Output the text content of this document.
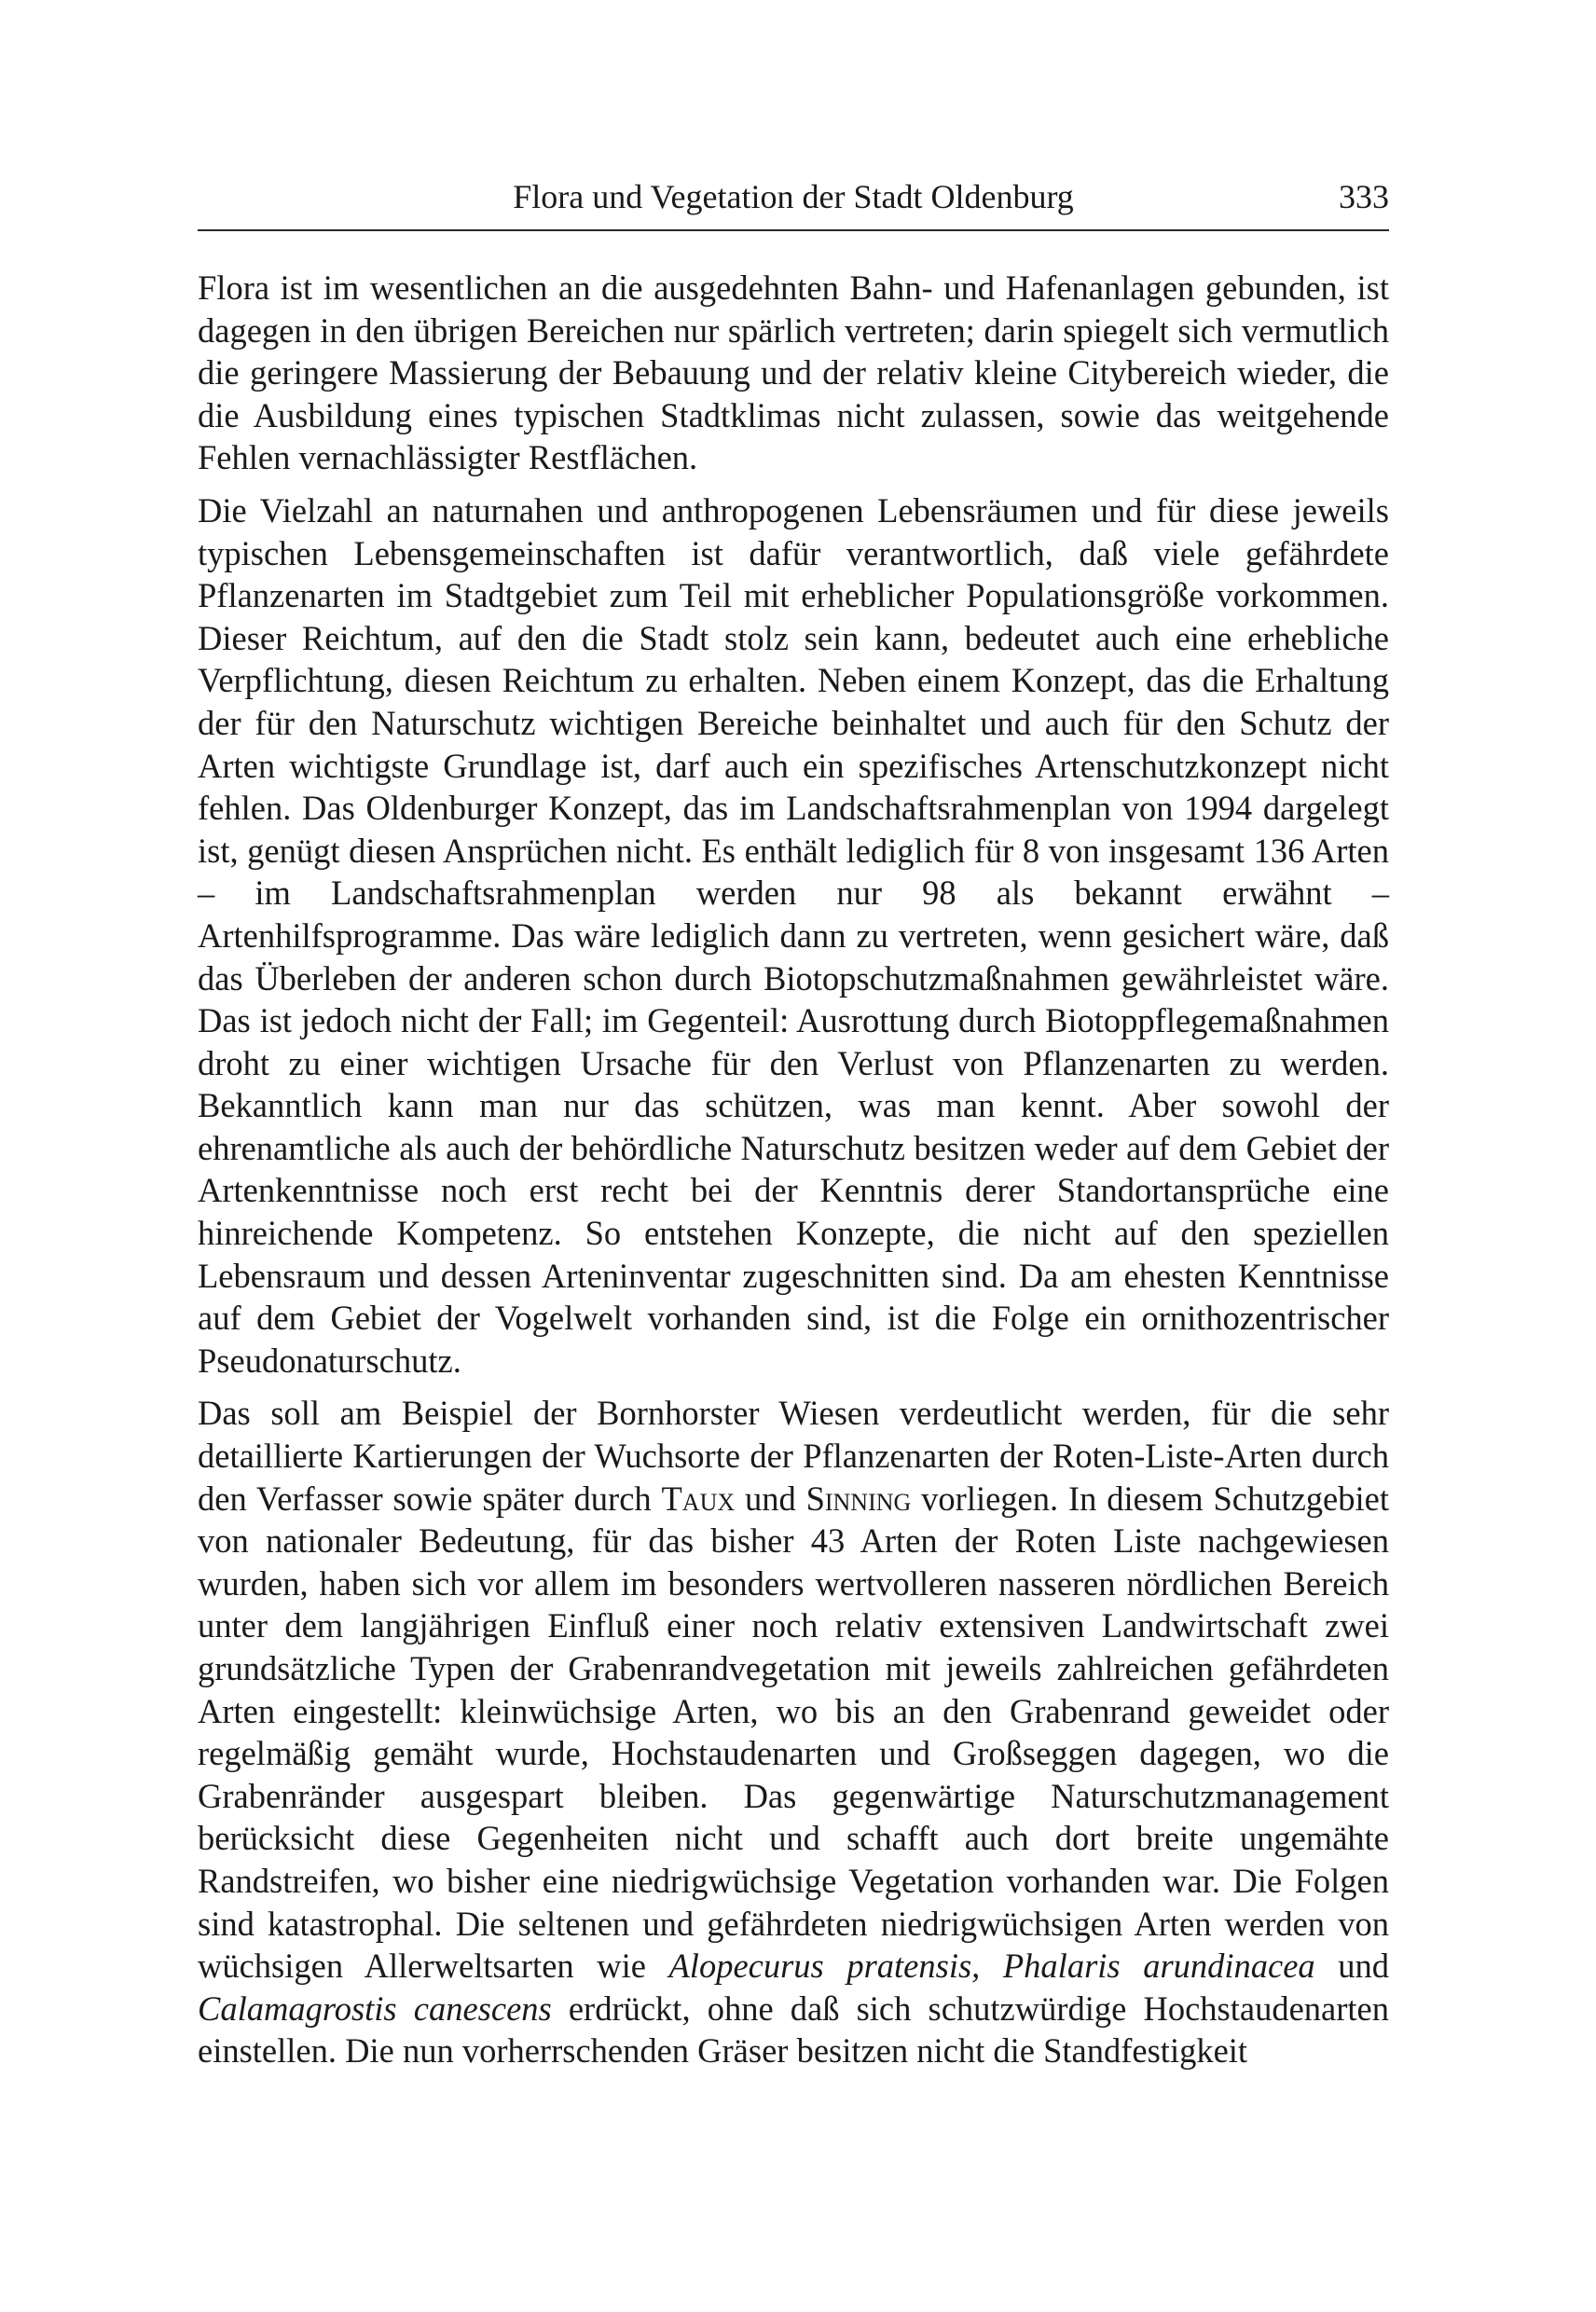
Flora und Vegetation der Stadt Oldenburg	333

Flora ist im wesentlichen an die ausgedehnten Bahn- und Hafenanlagen gebunden, ist dagegen in den übrigen Bereichen nur spärlich vertreten; darin spiegelt sich vermutlich die geringere Massierung der Bebauung und der relativ kleine Citybereich wieder, die die Ausbildung eines typischen Stadtklimas nicht zulassen, sowie das weitgehende Fehlen vernachlässigter Restflächen.

Die Vielzahl an naturnahen und anthropogenen Lebensräumen und für diese jeweils typischen Lebensgemeinschaften ist dafür verantwortlich, daß viele gefährdete Pflanzenarten im Stadtgebiet zum Teil mit erheblicher Populationsgröße vorkommen. Dieser Reichtum, auf den die Stadt stolz sein kann, bedeutet auch eine erhebliche Verpflichtung, diesen Reichtum zu erhalten. Neben einem Konzept, das die Erhaltung der für den Naturschutz wichtigen Bereiche beinhaltet und auch für den Schutz der Arten wichtigste Grundlage ist, darf auch ein spezifisches Artenschutzkonzept nicht fehlen. Das Oldenburger Konzept, das im Landschaftsrahmenplan von 1994 dargelegt ist, genügt diesen Ansprüchen nicht. Es enthält lediglich für 8 von insgesamt 136 Arten – im Landschaftsrahmenplan werden nur 98 als bekannt erwähnt – Artenhilfsprogramme. Das wäre lediglich dann zu vertreten, wenn gesichert wäre, daß das Überleben der anderen schon durch Biotopschutzmaßnahmen gewährleistet wäre. Das ist jedoch nicht der Fall; im Gegenteil: Ausrottung durch Biotoppflegemaßnahmen droht zu einer wichtigen Ursache für den Verlust von Pflanzenarten zu werden. Bekanntlich kann man nur das schützen, was man kennt. Aber sowohl der ehrenamtliche als auch der behördliche Naturschutz besitzen weder auf dem Gebiet der Artenkenntnisse noch erst recht bei der Kenntnis derer Standortansprüche eine hinreichende Kompetenz. So entstehen Konzepte, die nicht auf den speziellen Lebensraum und dessen Arteninventar zugeschnitten sind. Da am ehesten Kenntnisse auf dem Gebiet der Vogelwelt vorhanden sind, ist die Folge ein ornithozentrischer Pseudonaturschutz.

Das soll am Beispiel der Bornhorster Wiesen verdeutlicht werden, für die sehr detaillierte Kartierungen der Wuchsorte der Pflanzenarten der Roten-Liste-Arten durch den Verfasser sowie später durch Taux und Sinning vorliegen. In diesem Schutzgebiet von nationaler Bedeutung, für das bisher 43 Arten der Roten Liste nachgewiesen wurden, haben sich vor allem im besonders wertvolleren nasseren nördlichen Bereich unter dem langjährigen Einfluß einer noch relativ extensiven Landwirtschaft zwei grundsätzliche Typen der Grabenrandvegetation mit jeweils zahlreichen gefährdeten Arten eingestellt: kleinwüchsige Arten, wo bis an den Grabenrand geweidet oder regelmäßig gemäht wurde, Hochstaudenarten und Großseggen dagegen, wo die Grabenränder ausgespart bleiben. Das gegenwärtige Naturschutzmanagement berücksicht diese Gegenheiten nicht und schafft auch dort breite ungemähte Randstreifen, wo bisher eine niedrigwüchsige Vegetation vorhanden war. Die Folgen sind katastrophal. Die seltenen und gefährdeten niedrigwüchsigen Arten werden von wüchsigen Allerweltsarten wie Alopecurus pratensis, Phalaris arundinacea und Calamagrostis canescens erdrückt, ohne daß sich schutzwürdige Hochstaudenarten einstellen. Die nun vorherrschenden Gräser besitzen nicht die Standfestigkeit
